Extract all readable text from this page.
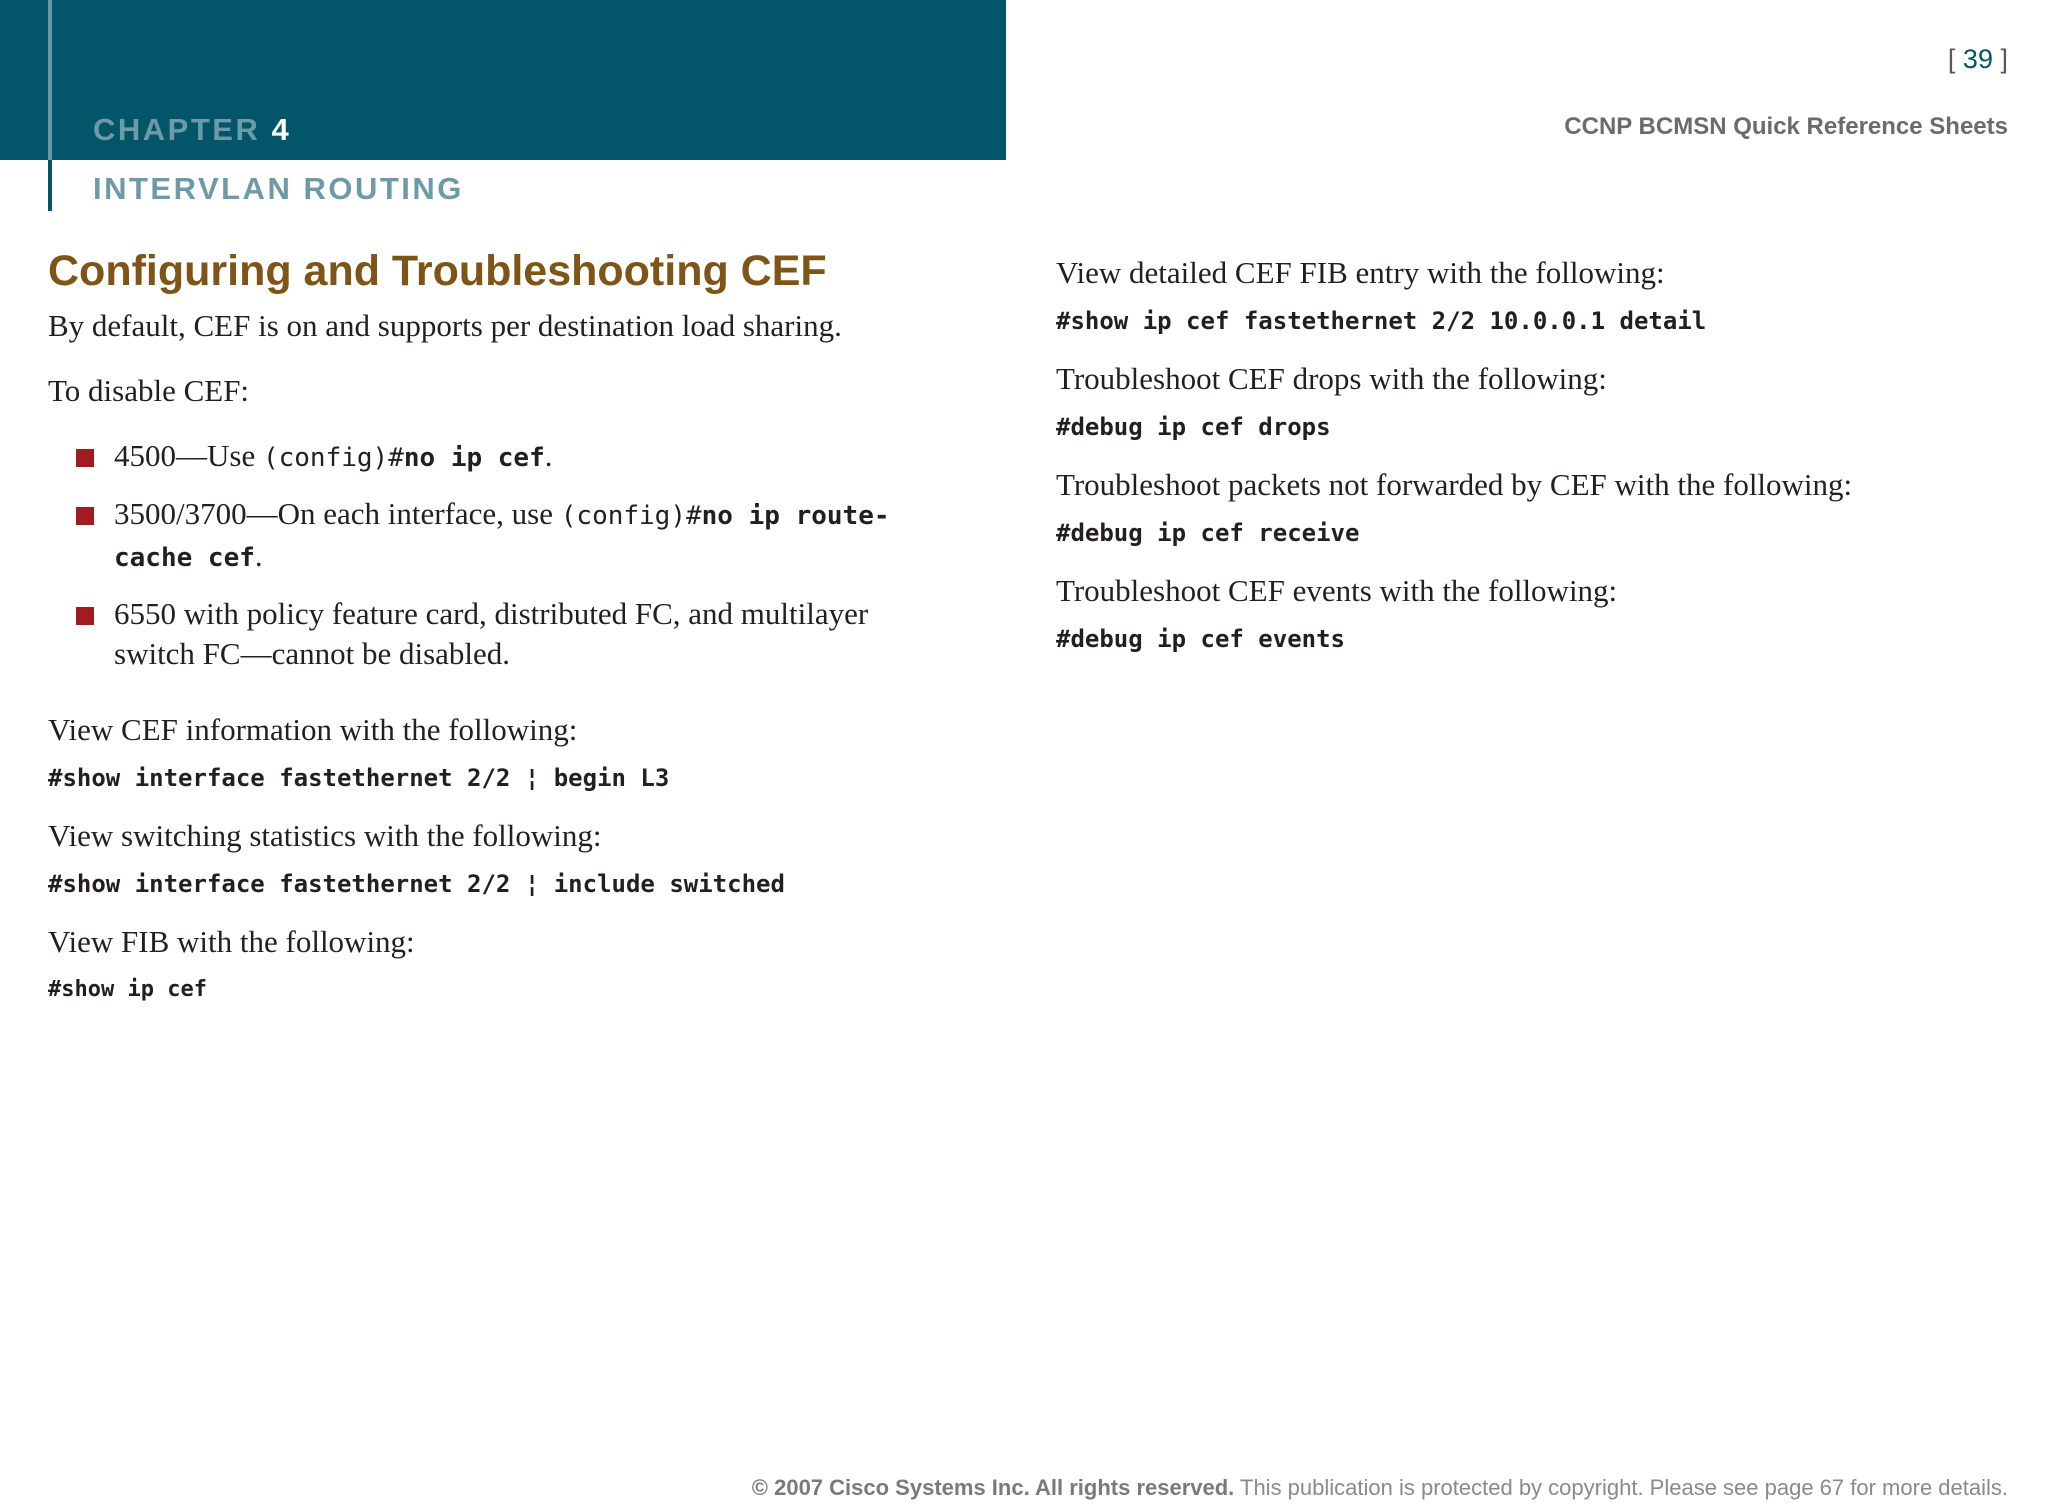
CHAPTER 4
INTERVLAN ROUTING
[ 39 ]
CCNP BCMSN Quick Reference Sheets
Configuring and Troubleshooting CEF

By default, CEF is on and supports per destination load sharing.

To disable CEF:

4500—Use (config)#no ip cef.
3500/3700—On each interface, use (config)#no ip route-
cache cef.
6550 with policy feature card, distributed FC, and multilayer
switch FC—cannot be disabled.

View CEF information with the following:

#show interface fastethernet 2/2 ¦ begin L3

View switching statistics with the following:

#show interface fastethernet 2/2 ¦ include switched

View FIB with the following:

#show ip cef

View detailed CEF FIB entry with the following:

#show ip cef fastethernet 2/2 10.0.0.1 detail

Troubleshoot CEF drops with the following:

#debug ip cef drops

Troubleshoot packets not forwarded by CEF with the following:

#debug ip cef receive

Troubleshoot CEF events with the following:

#debug ip cef events

© 2007 Cisco Systems Inc. All rights reserved. This publication is protected by copyright. Please see page 67 for more details.
